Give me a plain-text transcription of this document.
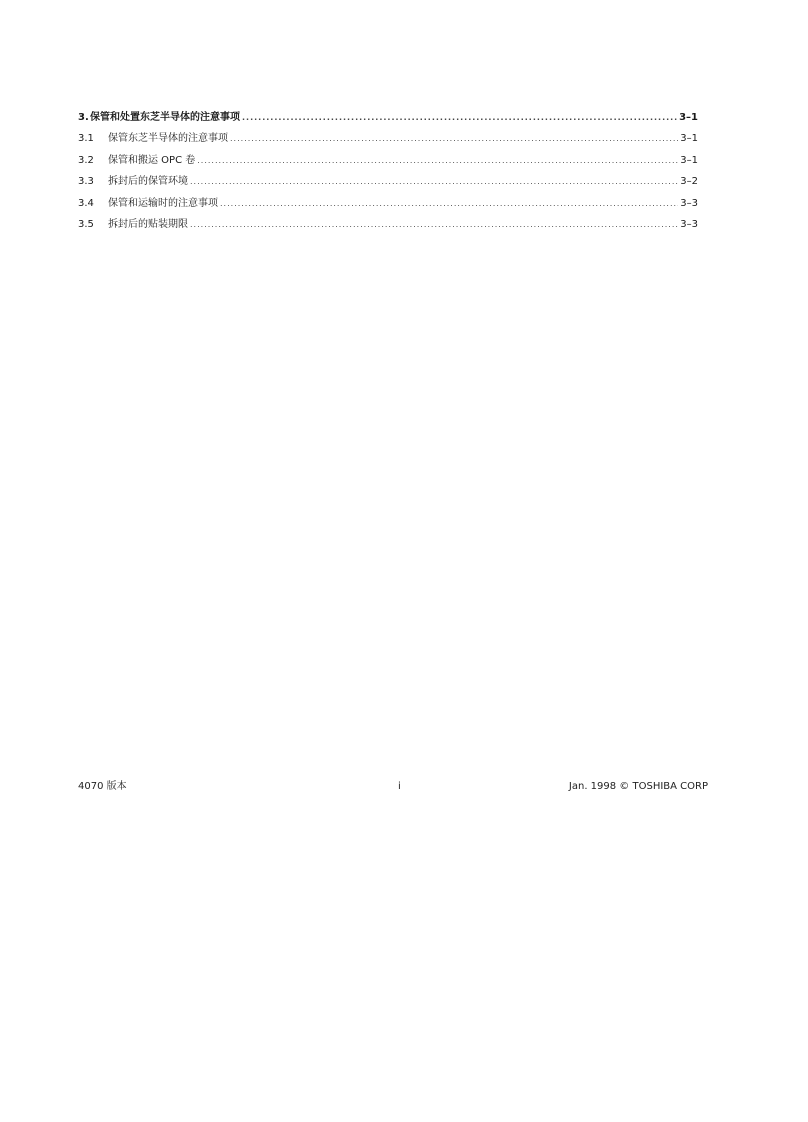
3. 保管和处置东芝半导体的注意事项 .....	3–1
3.1	保管东芝半导体的注意事项 .....	3–1
3.2	保管和搬运 OPC 卷 .....	3–1
3.3	拆封后的保管环境 .....	3–2
3.4	保管和运输时的注意事项 .....	3–3
3.5	拆封后的贴装期限 .....	3–3
4070 版本	i	Jan. 1998 © TOSHIBA CORP
